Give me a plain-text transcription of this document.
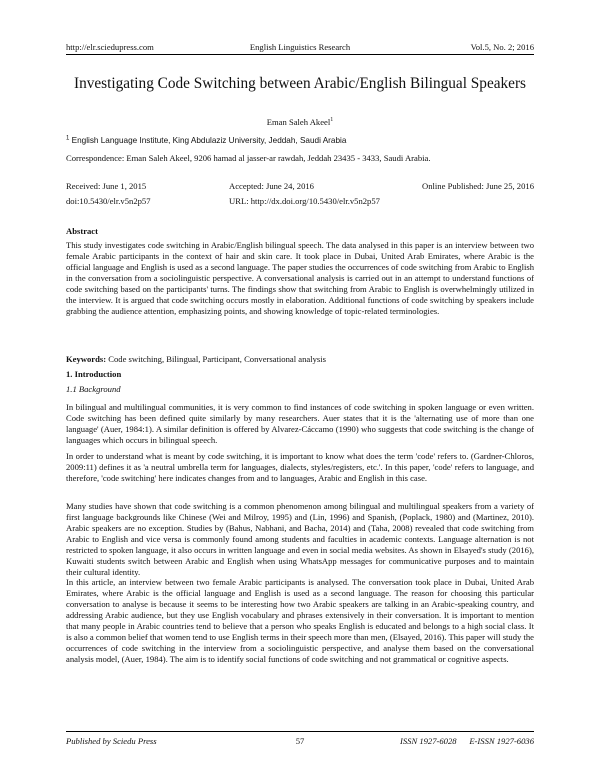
http://elr.sciedupress.com	English Linguistics Research	Vol.5, No. 2; 2016
Investigating Code Switching between Arabic/English Bilingual Speakers
Eman Saleh Akeel$^1$
$^1$ English Language Institute, King Abdulaziz University, Jeddah, Saudi Arabia
Correspondence: Eman Saleh Akeel, 9206 hamad al jasser-ar rawdah, Jeddah 23435 - 3433, Saudi Arabia.
Received: June 1, 2015	Accepted: June 24, 2016	Online Published: June 25, 2016
doi:10.5430/elr.v5n2p57	URL: http://dx.doi.org/10.5430/elr.v5n2p57
Abstract

This study investigates code switching in Arabic/English bilingual speech. The data analysed in this paper is an interview between two female Arabic participants in the context of hair and skin care. It took place in Dubai, United Arab Emirates, where Arabic is the official language and English is used as a second language. The paper studies the occurrences of code switching from Arabic to English in the conversation from a sociolinguistic perspective. A conversational analysis is carried out in an attempt to understand functions of code switching based on the participants' turns. The findings show that switching from Arabic to English is overwhelmingly utilized in the interview. It is argued that code switching occurs mostly in elaboration. Additional functions of code switching by speakers include grabbing the audience attention, emphasizing points, and showing knowledge of topic-related terminologies.

Keywords: Code switching, Bilingual, Participant, Conversational analysis
1. Introduction
1.1 Background

In bilingual and multilingual communities, it is very common to find instances of code switching in spoken language or even written. Code switching has been defined quite similarly by many researchers. Auer states that it is the 'alternating use of more than one language' (Auer, 1984:1). A similar definition is offered by Alvarez-Cáccamo (1990) who suggests that code switching is the change of languages which occurs in bilingual speech.

In order to understand what is meant by code switching, it is important to know what does the term 'code' refers to. (Gardner-Chloros, 2009:11) defines it as 'a neutral umbrella term for languages, dialects, styles/registers, etc.'. In this paper, 'code' refers to language, and therefore, 'code switching' here indicates changes from and to languages, Arabic and English in this case.

Many studies have shown that code switching is a common phenomenon among bilingual and multilingual speakers from a variety of first language backgrounds like Chinese (Wei and Milroy, 1995) and (Lin, 1996) and Spanish, (Poplack, 1980) and (Martinez, 2010). Arabic speakers are no exception. Studies by (Bahus, Nabhani, and Bacha, 2014) and (Taha, 2008) revealed that code switching from Arabic to English and vice versa is commonly found among students and faculties in academic contexts. Language alternation is not restricted to spoken language, it also occurs in written language and even in social media websites. As shown in Elsayed's study (2016), Kuwaiti students switch between Arabic and English when using WhatsApp messages for communicative purposes and to maintain their cultural identity.

In this article, an interview between two female Arabic participants is analysed. The conversation took place in Dubai, United Arab Emirates, where Arabic is the official language and English is used as a second language. The reason for choosing this particular conversation to analyse is because it seems to be interesting how two Arabic speakers are talking in an Arabic-speaking country, and addressing Arabic audience, but they use English vocabulary and phrases extensively in their conversation. It is important to mention that many people in Arabic countries tend to believe that a person who speaks English is educated and belongs to a high social class. It is also a common belief that women tend to use English terms in their speech more than men, (Elsayed, 2016). This paper will study the occurrences of code switching in the interview from a sociolinguistic perspective, and analyse them based on the conversational analysis model, (Auer, 1984). The aim is to identify social functions of code switching and not grammatical or cognitive aspects.

Published by Sciedu Press	57	ISSN 1927-6028 E-ISSN 1927-6036
